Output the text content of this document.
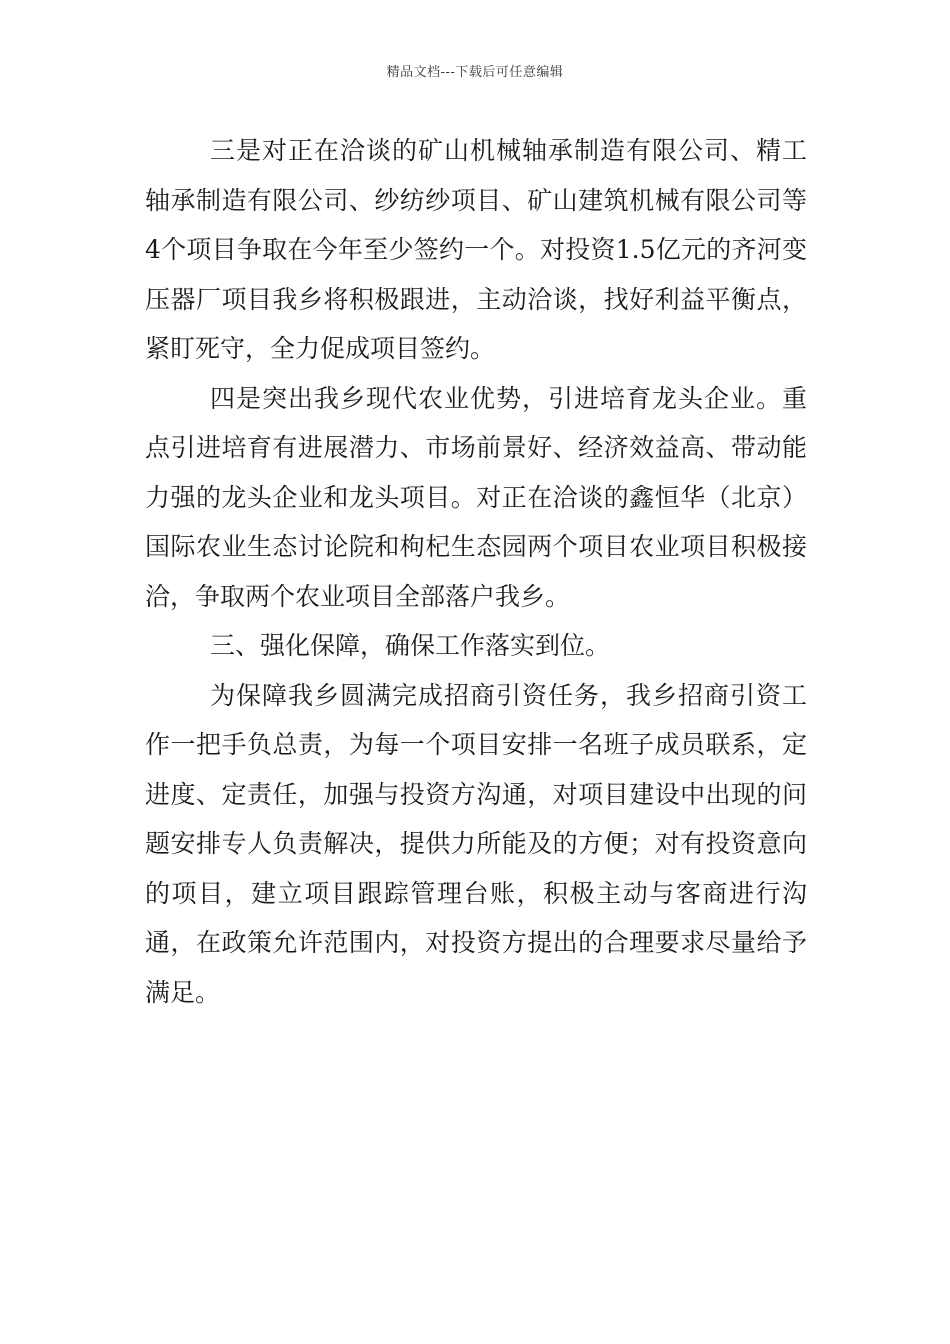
精品文档---下载后可任意编辑

三是对正在洽谈的矿山机械轴承制造有限公司、精工轴承制造有限公司、纱纺纱项目、矿山建筑机械有限公司等4个项目争取在今年至少签约一个。对投资1.5亿元的齐河变压器厂项目我乡将积极跟进，主动洽谈，找好利益平衡点，紧盯死守，全力促成项目签约。

四是突出我乡现代农业优势，引进培育龙头企业。重点引进培育有进展潜力、市场前景好、经济效益高、带动能力强的龙头企业和龙头项目。对正在洽谈的鑫恒华（北京）国际农业生态讨论院和枸杞生态园两个项目农业项目积极接洽，争取两个农业项目全部落户我乡。

三、强化保障，确保工作落实到位。

为保障我乡圆满完成招商引资任务，我乡招商引资工作一把手负总责，为每一个项目安排一名班子成员联系，定进度、定责任，加强与投资方沟通，对项目建设中出现的问题安排专人负责解决，提供力所能及的方便；对有投资意向的项目，建立项目跟踪管理台账，积极主动与客商进行沟通，在政策允许范围内，对投资方提出的合理要求尽量给予满足。
